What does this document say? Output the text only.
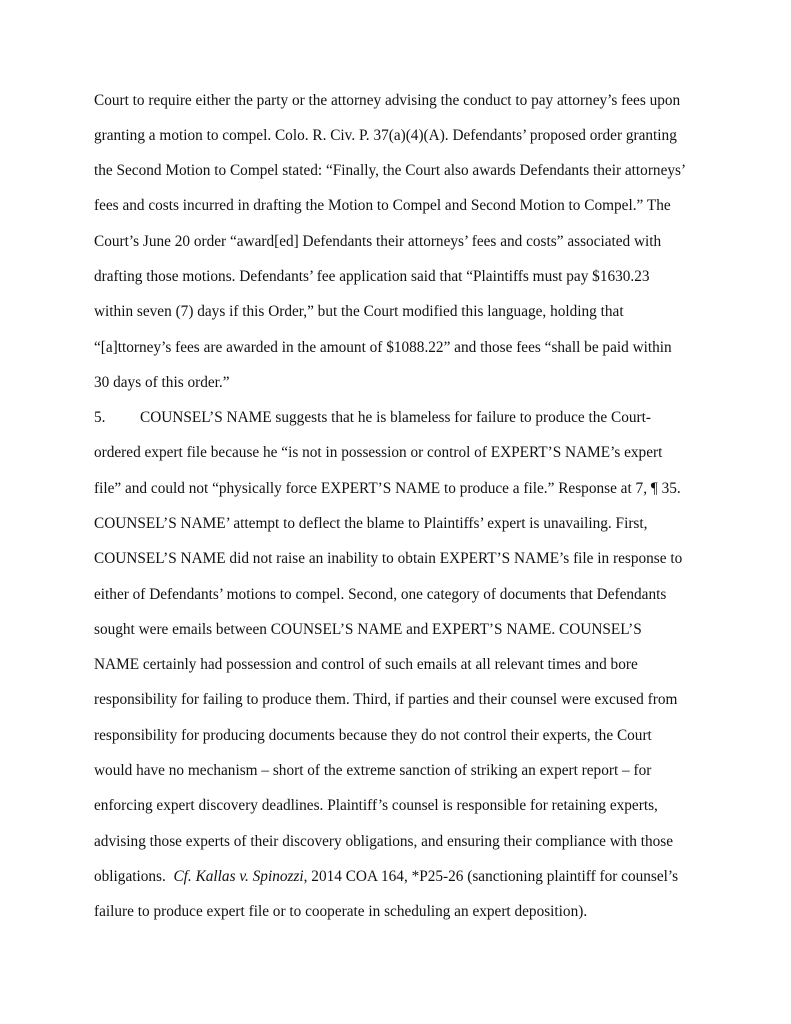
Court to require either the party or the attorney advising the conduct to pay attorney’s fees upon
granting a motion to compel. Colo. R. Civ. P. 37(a)(4)(A). Defendants’ proposed order granting
the Second Motion to Compel stated: “Finally, the Court also awards Defendants their attorneys’
fees and costs incurred in drafting the Motion to Compel and Second Motion to Compel.” The
Court’s June 20 order “award[ed] Defendants their attorneys’ fees and costs” associated with
drafting those motions. Defendants’ fee application said that “Plaintiffs must pay $1630.23
within seven (7) days if this Order,” but the Court modified this language, holding that
“[a]ttorney’s fees are awarded in the amount of $1088.22” and those fees “shall be paid within
30 days of this order.”
5. COUNSEL’S NAME suggests that he is blameless for failure to produce the Court-
ordered expert file because he “is not in possession or control of EXPERT’S NAME’s expert
file” and could not “physically force EXPERT’S NAME to produce a file.” Response at 7, ¶ 35.
COUNSEL’S NAME’ attempt to deflect the blame to Plaintiffs’ expert is unavailing. First,
COUNSEL’S NAME did not raise an inability to obtain EXPERT’S NAME’s file in response to
either of Defendants’ motions to compel. Second, one category of documents that Defendants
sought were emails between COUNSEL’S NAME and EXPERT’S NAME. COUNSEL’S
NAME certainly had possession and control of such emails at all relevant times and bore
responsibility for failing to produce them. Third, if parties and their counsel were excused from
responsibility for producing documents because they do not control their experts, the Court
would have no mechanism – short of the extreme sanction of striking an expert report – for
enforcing expert discovery deadlines. Plaintiff’s counsel is responsible for retaining experts,
advising those experts of their discovery obligations, and ensuring their compliance with those
obligations.  Cf. Kallas v. Spinozzi, 2014 COA 164, *P25-26 (sanctioning plaintiff for counsel’s
failure to produce expert file or to cooperate in scheduling an expert deposition).
